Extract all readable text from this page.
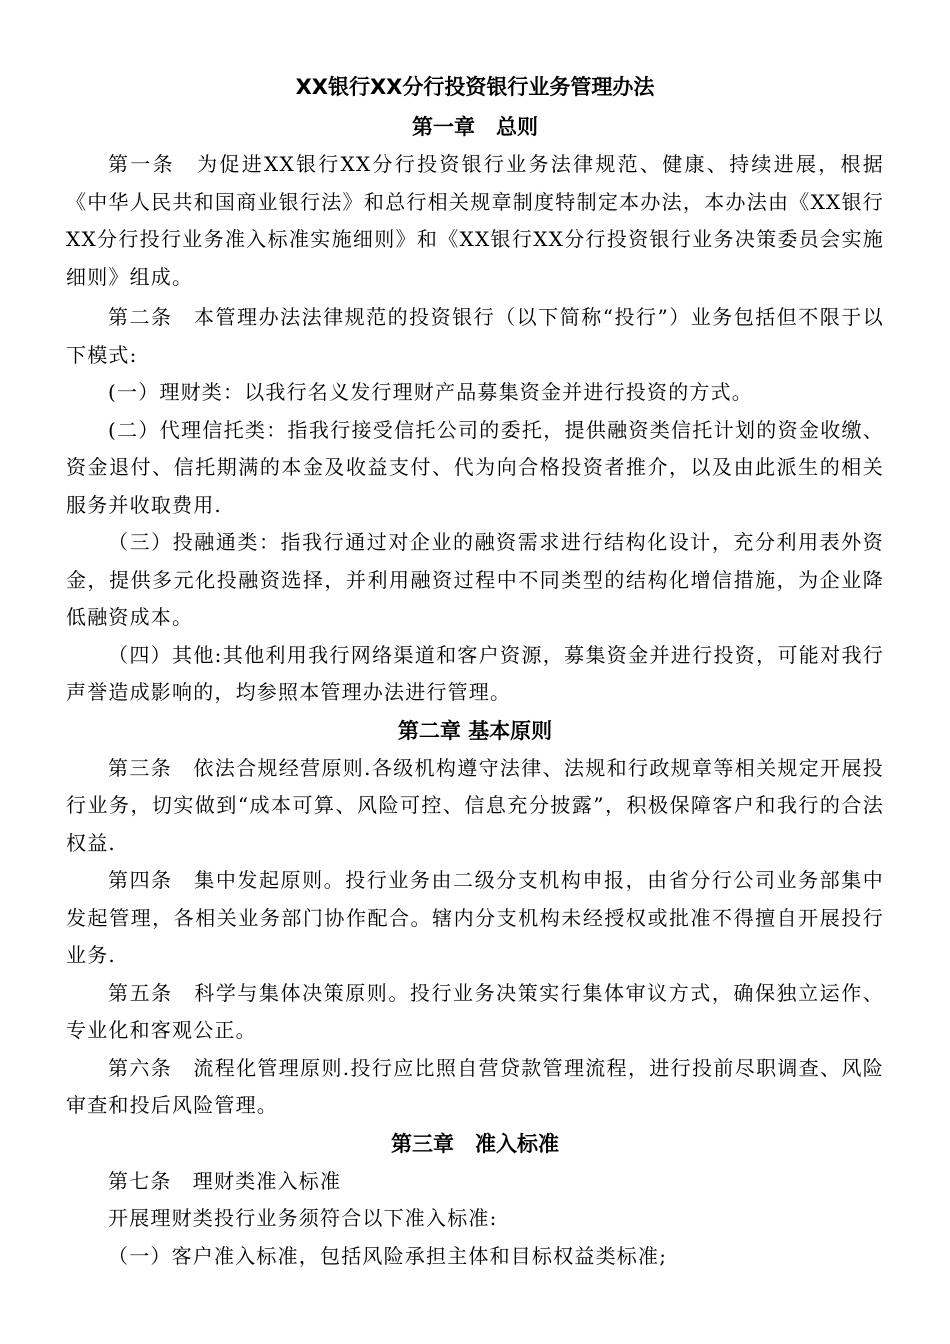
XX银行XX分行投资银行业务管理办法
第一章　总则

第一条　为促进XX银行XX分行投资银行业务法律规范、健康、持续进展，根据《中华人民共和国商业银行法》和总行相关规章制度特制定本办法，本办法由《XX银行XX分行投行业务准入标准实施细则》和《XX银行XX分行投资银行业务决策委员会实施细则》组成。

第二条　本管理办法法律规范的投资银行（以下简称“投行”）业务包括但不限于以下模式:

(一）理财类：以我行名义发行理财产品募集资金并进行投资的方式。

(二）代理信托类：指我行接受信托公司的委托，提供融资类信托计划的资金收缴、资金退付、信托期满的本金及收益支付、代为向合格投资者推介，以及由此派生的相关服务并收取费用.

（三）投融通类：指我行通过对企业的融资需求进行结构化设计，充分利用表外资金，提供多元化投融资选择，并利用融资过程中不同类型的结构化增信措施，为企业降低融资成本。

（四）其他:其他利用我行网络渠道和客户资源，募集资金并进行投资，可能对我行声誉造成影响的，均参照本管理办法进行管理。

第二章 基本原则

第三条　依法合规经营原则.各级机构遵守法律、法规和行政规章等相关规定开展投行业务，切实做到“成本可算、风险可控、信息充分披露”，积极保障客户和我行的合法权益.

第四条　集中发起原则。投行业务由二级分支机构申报，由省分行公司业务部集中发起管理，各相关业务部门协作配合。辖内分支机构未经授权或批准不得擅自开展投行业务.

第五条　科学与集体决策原则。投行业务决策实行集体审议方式，确保独立运作、专业化和客观公正。

第六条　流程化管理原则.投行应比照自营贷款管理流程，进行投前尽职调查、风险审查和投后风险管理。

第三章　准入标准

第七条　理财类准入标准

开展理财类投行业务须符合以下准入标准:

（一）客户准入标准，包括风险承担主体和目标权益类标准;
